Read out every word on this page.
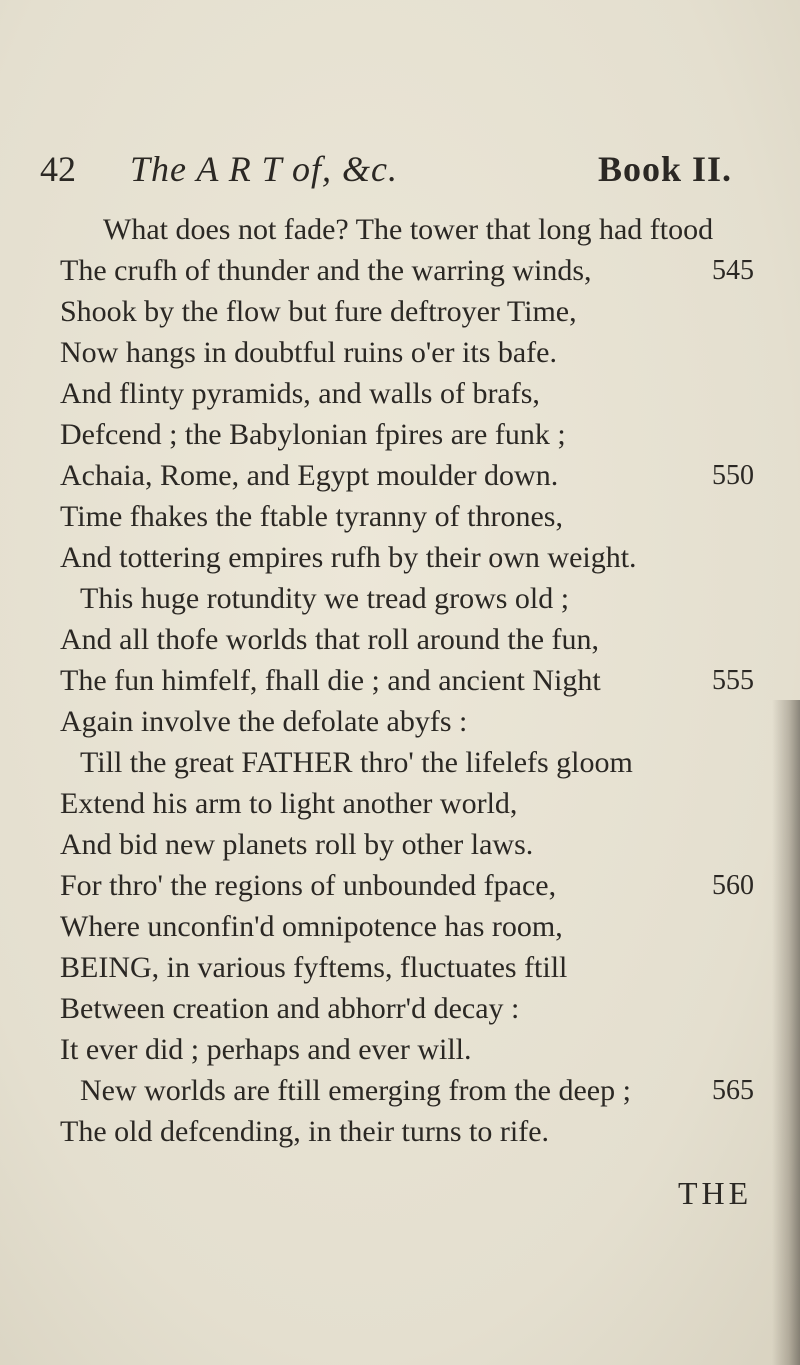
42 The A R T of, &c.	Book II.
What does not fade? The tower that long had ftood
The crufh of thunder and the warring winds,	545
Shook by the flow but fure deftroyer Time,
Now hangs in doubtful ruins o'er its bafe.
And flinty pyramids, and walls of brafs,
Defcend ; the Babylonian fpires are funk ;
Achaia, Rome, and Egypt moulder down.	550
Time fhakes the ftable tyranny of thrones,
And tottering empires rufh by their own weight.
This huge rotundity we tread grows old ;
And all thofe worlds that roll around the fun,
The fun himfelf, fhall die ; and ancient Night	555
Again involve the defolate abyfs :
Till the great FATHER thro' the lifelefs gloom
Extend his arm to light another world,
And bid new planets roll by other laws.
For thro' the regions of unbounded fpace,	560
Where unconfin'd omnipotence has room,
BEING, in various fyftems, fluctuates ftill
Between creation and abhorr'd decay :
It ever did ; perhaps and ever will.
New worlds are ftill emerging from the deep ;	565
The old defcending, in their turns to rife.
THE
